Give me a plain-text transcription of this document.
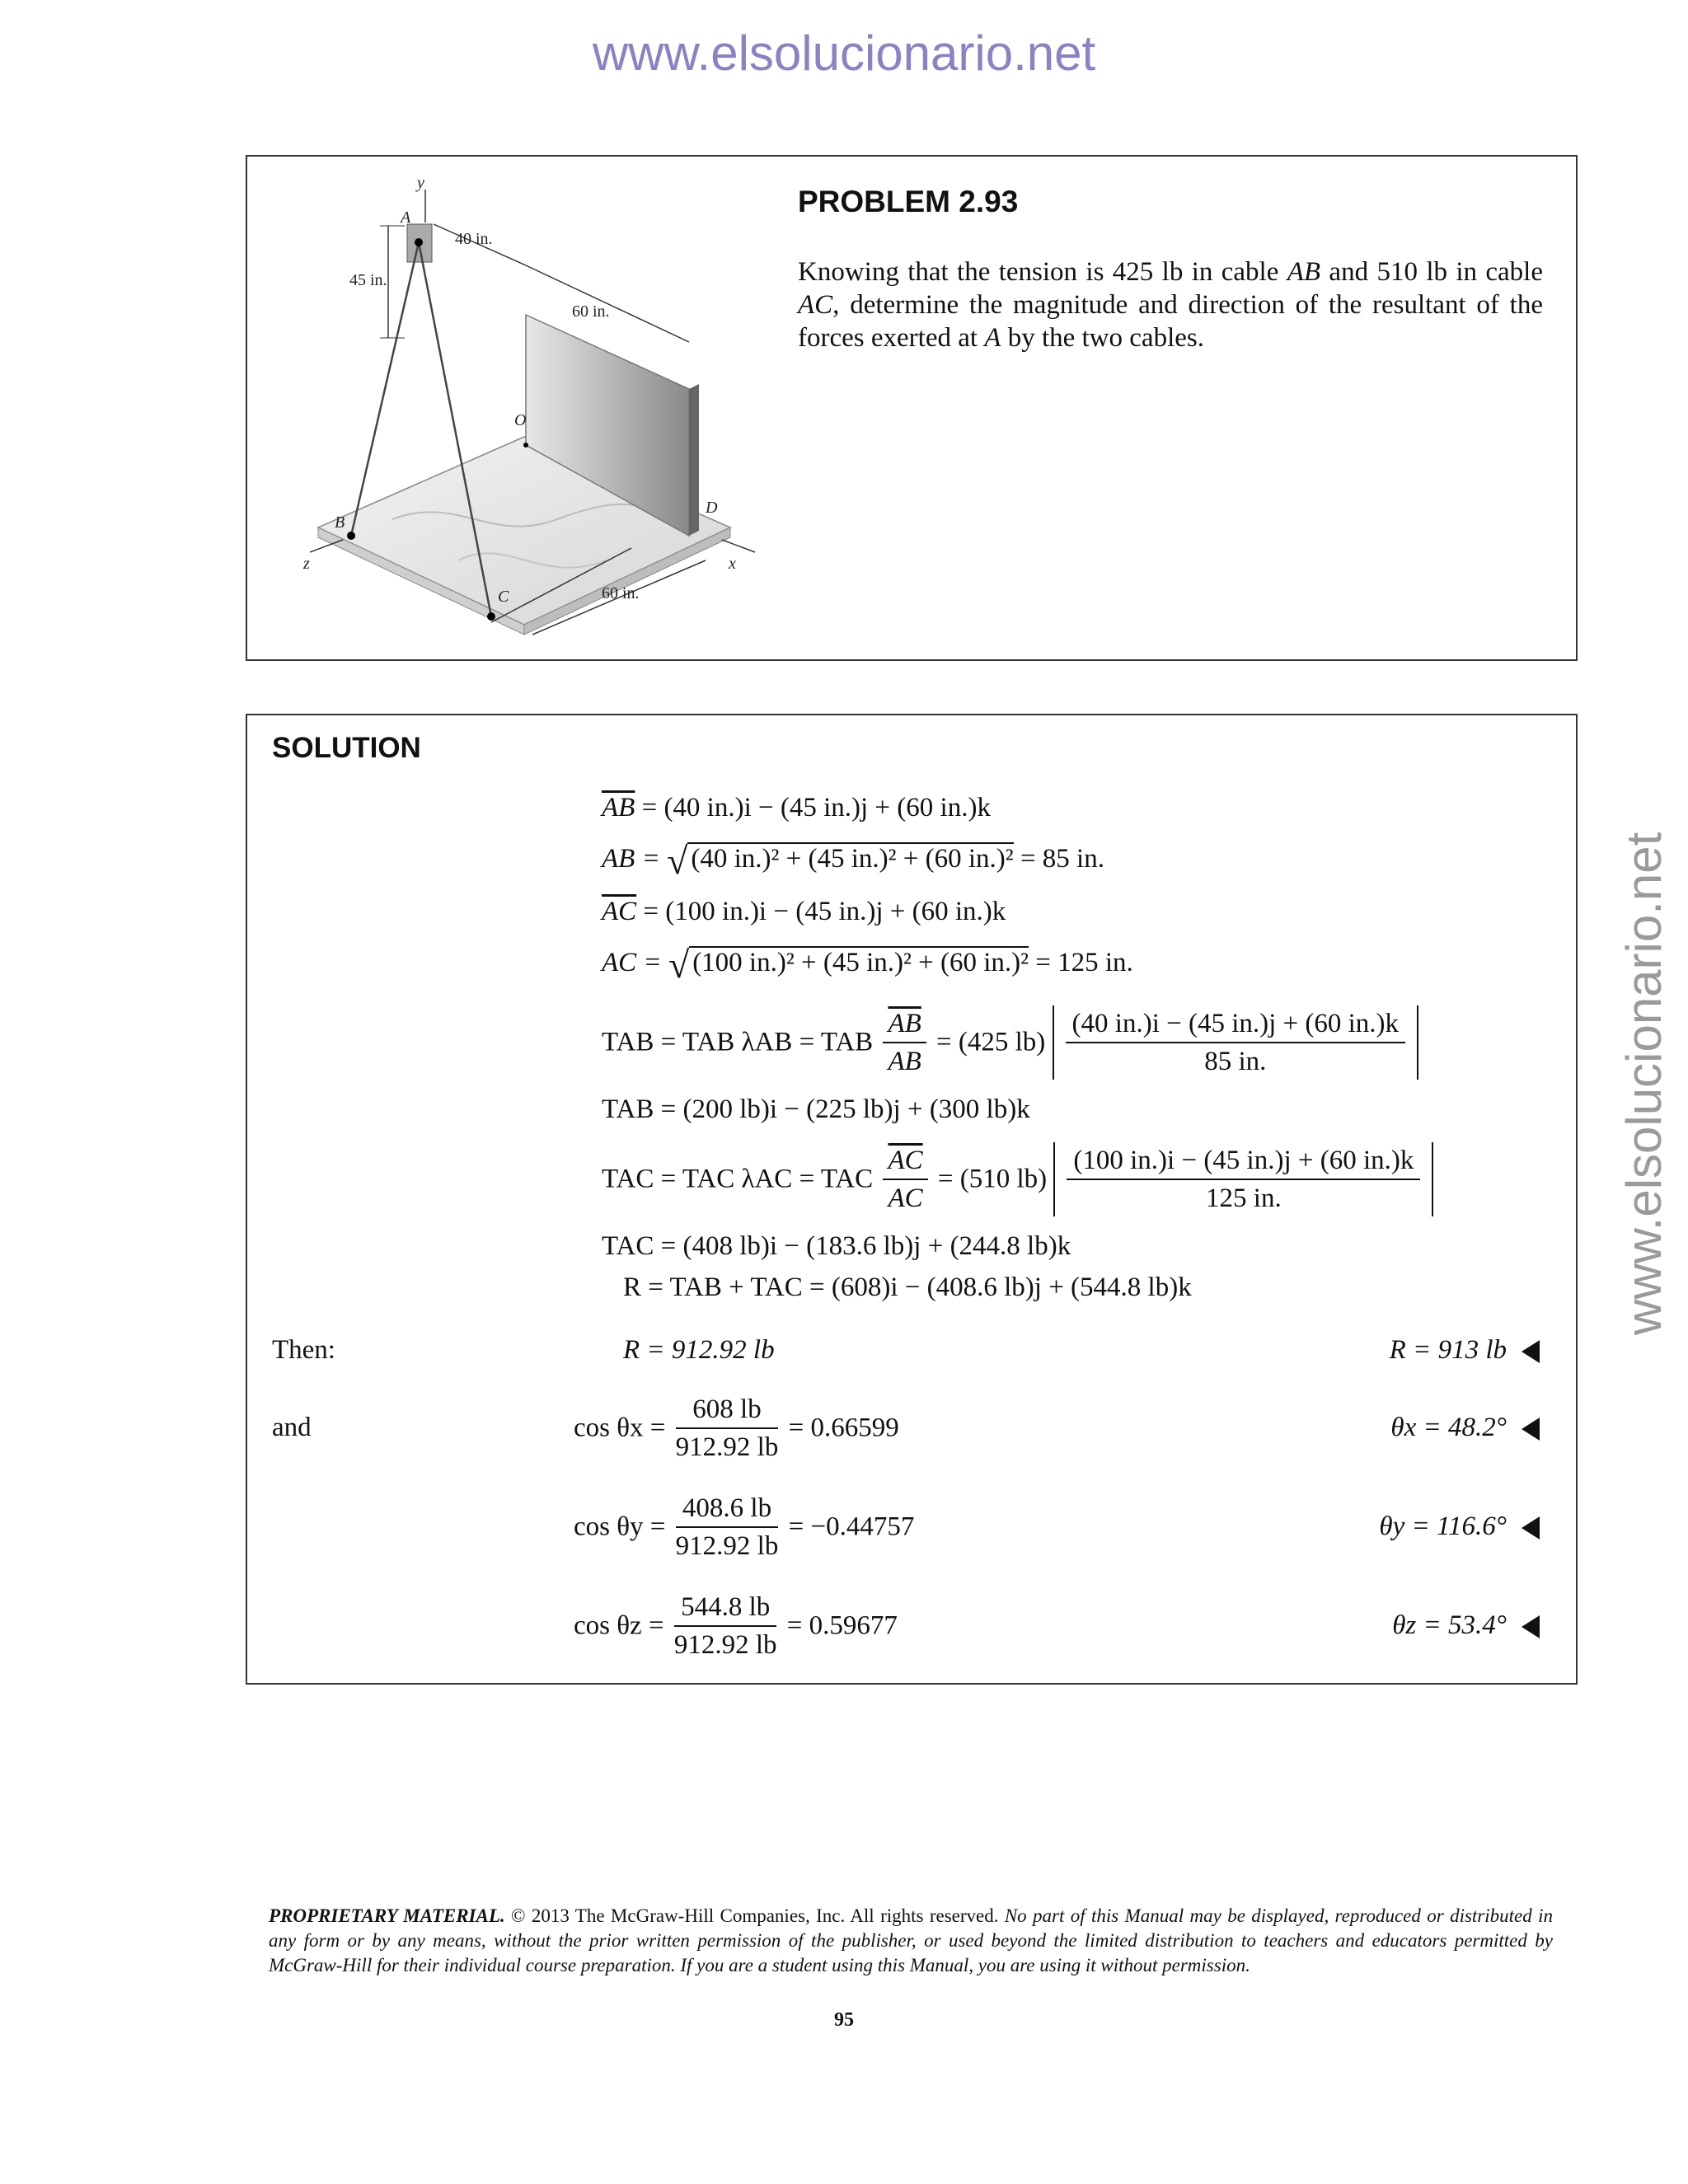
www.elsolucionario.net
www.elsolucionario.net
y
A
B
C
D
O
z	x
40 in.
45 in.
60 in.
60 in.
PROBLEM 2.93
Knowing that the tension is 425 lb in cable AB and 510 lb in cable AC, determine the magnitude and direction of the resultant of the forces exerted at A by the two cables.
SOLUTION
$\overline{AB} = (40$ in.)i − (45 in.)j + (60 in.)k
AB = √ (40 in.)² + (45 in.)² + (60 in.)² = 85 in.
$\overline{AC} = (100$ in.)i − (45 in.)j + (60 in.)k
AC = √ (100 in.)² + (45 in.)² + (60 in.)² = 125 in.
TAB = TAB λAB = TAB $\frac{\overline{AB}}{AB} = (425$ $lb) \frac{(40 in.)i - (45 in.)j + (60 in.)k}{85 in.}$
TAB = (200 lb)i − (225 lb)j + (300 lb)k
TAC = TAC λAC = TAC $\frac{\overline{AC}}{AC} = (510$ $lb) \frac{(100 in.)i - (45 in.)j + (60 in.)k}{125 in.}$
TAC = (408 lb)i − (183.6 lb)j + (244.8 lb)k
R = TAB + TAC = (608)i − (408.6 lb)j + (544.8 lb)k
Then:	R = 912.92 lb	R = 913 lb
and	$\cos \theta x = \frac{608 lb}{912.92 lb} = 0.66599$	θx = 48.2°
$\cos \theta y = \frac{408.6 lb}{912.92 lb} = -0.44757$	θy = 116.6°
$\cos \theta z = \frac{544.8 lb}{912.92 lb} = 0.59677$	θz = 53.4°
PROPRIETARY MATERIAL. © 2013 The McGraw-Hill Companies, Inc. All rights reserved. No part of this Manual may be displayed, reproduced or distributed in any form or by any means, without the prior written permission of the publisher, or used beyond the limited distribution to teachers and educators permitted by McGraw-Hill for their individual course preparation. If you are a student using this Manual, you are using it without permission.
95
